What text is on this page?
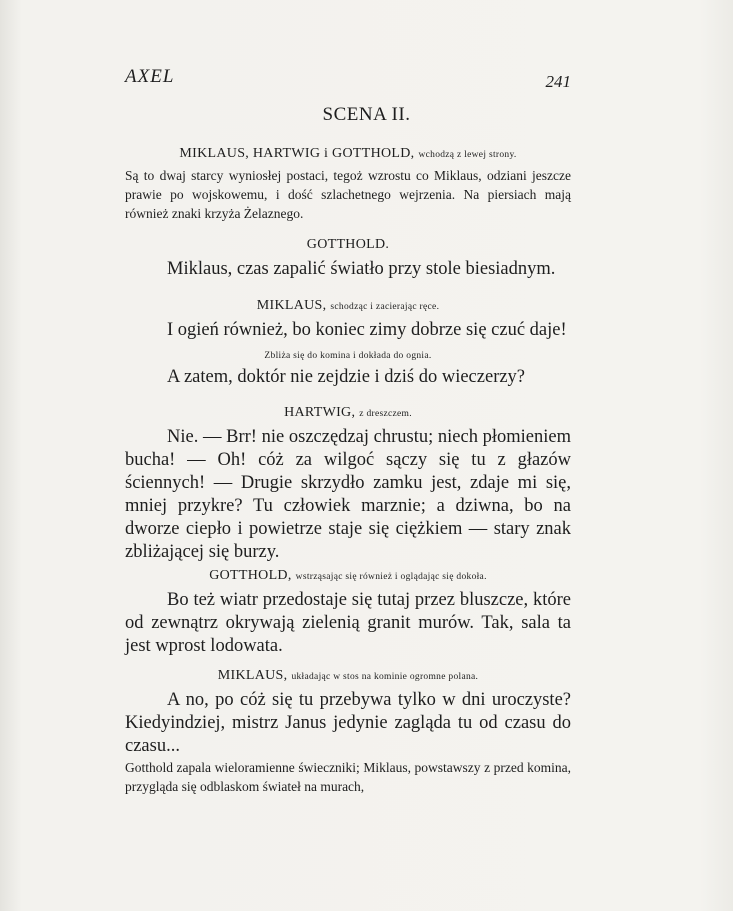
AXEL	241
SCENA II.
MIKLAUS, HARTWIG i GOTTHOLD, wchodzą z lewej strony.
Są to dwaj starcy wyniosłej postaci, tegoż wzrostu co Miklaus, odziani jeszcze prawie po wojskowemu, i dość szlachetnego wejrzenia. Na piersiach mają również znaki krzyża Żelaznego.
GOTTHOLD.
Miklaus, czas zapalić światło przy stole biesiadnym.
MIKLAUS, schodząc i zacierając ręce.
I ogień również, bo koniec zimy dobrze się czuć daje!
Zbliża się do komina i dokłada do ognia.
A zatem, doktór nie zejdzie i dziś do wieczerzy?
HARTWIG, z dreszczem.
Nie. — Brr! nie oszczędzaj chrustu; niech płomieniem bucha! — Oh! cóż za wilgoć sączy się tu z głazów ściennych! — Drugie skrzydło zamku jest, zdaje mi się, mniej przykre? Tu człowiek marznie; a dziwna, bo na dworze ciepło i powietrze staje się ciężkiem — stary znak zbliżającej się burzy.
GOTTHOLD, wstrząsając się również i oglądając się dokoła.
Bo też wiatr przedostaje się tutaj przez bluszcze, które od zewnątrz okrywają zielenią granit murów. Tak, sala ta jest wprost lodowata.
MIKLAUS, układając w stos na kominie ogromne polana.
A no, po cóż się tu przebywa tylko w dni uroczyste? Kiedyindziej, mistrz Janus jedynie zagląda tu od czasu do czasu...
Gotthold zapala wieloramienne świeczniki; Miklaus, powstawszy z przed komina, przygląda się odblaskom świateł na murach,
